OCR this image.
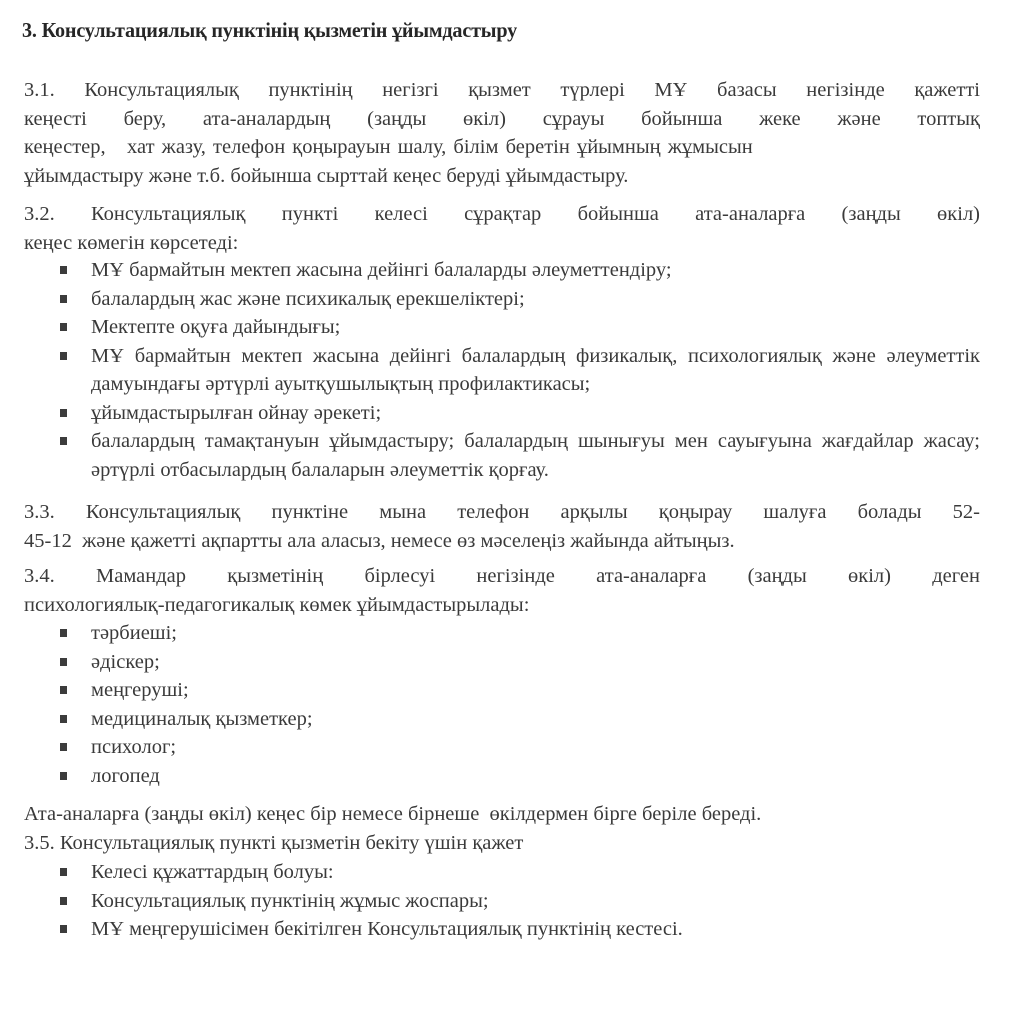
3. Консультациялық пунктінің қызметін ұйымдастыру
3.1. Консультациялық пунктінің негізгі қызмет түрлері МҰ базасы негізінде қажетті
кеңесті беру, ата-аналардың (заңды өкіл) сұрауы бойынша жеке және топтық
кеңестер,   хат жазу, телефон қоңырауын шалу, білім беретін ұйымның жұмысын
ұйымдастыру және т.б. бойынша сырттай кеңес беруді ұйымдастыру.
3.2. Консультациялық пункті келесі сұрақтар бойынша ата-аналарға (заңды өкіл)
кеңес көмегін көрсетеді:
МҰ бармайтын мектеп жасына дейінгі балаларды әлеуметтендіру;
балалардың жас және психикалық ерекшеліктері;
Мектепте оқуға дайындығы;
МҰ бармайтын мектеп жасына дейінгі балалардың физикалық, психологиялық және әлеуметтік дамуындағы әртүрлі ауытқушылықтың профилактикасы;
ұйымдастырылған ойнау әрекеті;
балалардың тамақтануын ұйымдастыру; балалардың шынығуы мен сауығуына жағдайлар жасау; әртүрлі отбасылардың балаларын әлеуметтік қорғау.
3.3. Консультациялық пунктіне мына телефон арқылы қоңырау шалуға болады 52-
45-12  және қажетті ақпартты ала аласыз, немесе өз мәселеңіз жайында айтыңыз.
3.4. Мамандар қызметінің бірлесуі негізінде ата-аналарға (заңды өкіл) деген
психологиялық-педагогикалық көмек ұйымдастырылады:
тәрбиеші;
әдіскер;
меңгеруші;
медициналық қызметкер;
психолог;
логопед
Ата-аналарға (заңды өкіл) кеңес бір немесе бірнеше  өкілдермен бірге беріле береді.
3.5. Консультациялық пункті қызметін бекіту үшін қажет
Келесі құжаттардың болуы:
Консультациялық пунктінің жұмыс жоспары;
МҰ меңгерушісімен бекітілген Консультациялық пунктінің кестесі.
